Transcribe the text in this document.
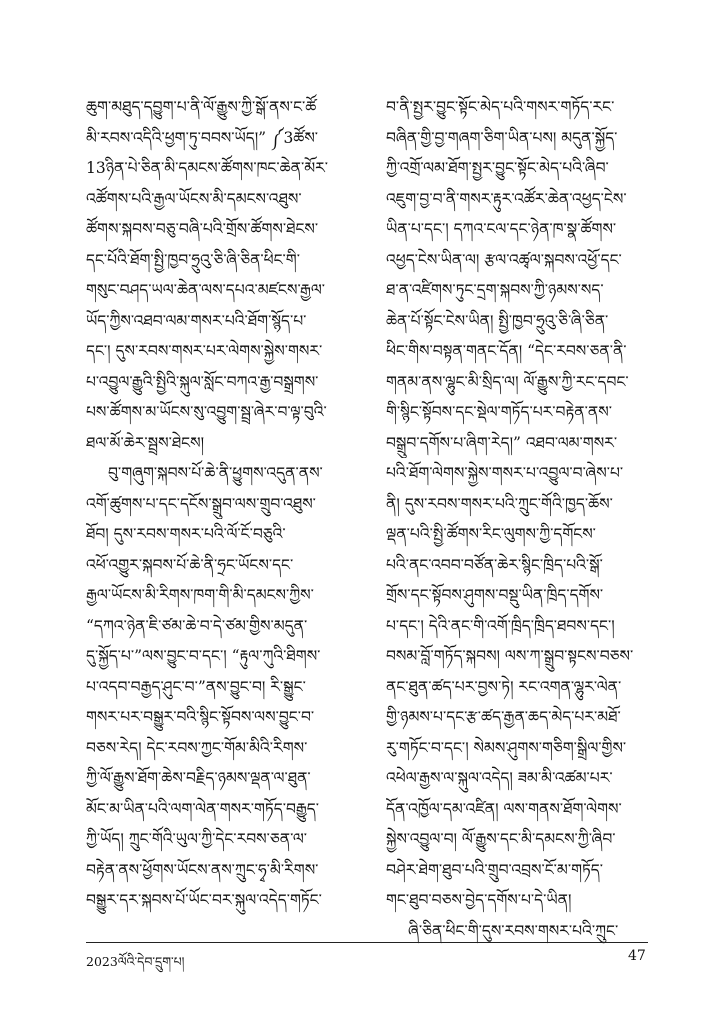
ཆུག་མཐུད་དབྱུག་པ་ནི་ལོ་རྒྱུས་ཀྱི་སྒོ་ནས་ང་ཚོ
མི་རབས་འདིའི་ཕྱག་ཏུ་བབས་ཡོད།” ༼3ཚོས་
13ཉིན་པེ་ཅིན་མི་དམངས་ཚོགས་ཁང་ཆེན་མོར་
འཚོགས་པའི་རྒྱལ་ཡོངས་མི་དམངས་འཐུས་
ཚོགས་སྐབས་བཅུ་བཞི་པའི་གྲོས་ཚོགས་ཐེངས་
དང་པོའི་ཐོག་སྤྱི་ཁྱབ་ཧྲུའུ་ཅི་ཞི་ཅིན་ཕིང་གི་
གསུང་བཤད་ཡལ་ཆེན་ལས་དཔའ་མཛངས་རྒྱལ་
ཡོད་ཀྱིས་འཐབ་ལམ་གསར་པའི་ཐོག་སྙོད་པ་
དང་། དུས་རབས་གསར་པར་ལེགས་སྐྱེས་གསར་
པ་འབྱུལ་རྒྱུའི་སྤྱིའི་སྐུལ་སློང་བཀའ་རྒྱ་བསྒྲགས་
པས་ཚོགས་མ་ཡོངས་སུ་འབྱུག་སྦྲ་ཞེར་བ་ལྟ་བུའི་
ཐལ་མོ་ཆེར་སྦྲས་ཐེངས།
བུ་གཞུག་སྐབས་པོ་ཆེ་ནི་ཕྱུགས་འདུན་ནས་
འགོ་ཚུགས་པ་དང་དངོས་སྒྲུབ་ལས་གྲུབ་འཐུས་
ཐོབ། དུས་རབས་གསར་པའི་ལོ་ངོ་བཅུའི་
འཕོ་འགྱུར་སྐབས་པོ་ཆེ་ནི་ཧྲང་ཡོངས་དང་
རྒྱལ་ཡོངས་མི་རིགས་ཁག་གི་མི་དམངས་ཀྱིས་
“དཀའ་ཉེན་ཇི་ཙམ་ཆེ་བ་དེ་ཙམ་གྱིས་མདུན་
དུ་སྐྱོད་པ་”ལས་བྱུང་བ་དང་། “རྟུལ་ཀུའི་ཐིགས་
པ་འདབ་བརྒྱད་ཤུང་བ་”ནས་བྱུང་བ། རི་སྒྱུང་
གསར་པར་བསྒྱུར་བའི་སྙིང་སྟོབས་ལས་བྱུང་བ་
བཅས་རེད། དེང་རབས་ཀྱང་གོམ་མིའི་རིགས་
ཀྱི་ལོ་རྒྱུས་ཐོག་ཆེས་བརྗིད་ཉམས་ལྡན་ལ་ཐུན་
མོང་མ་ཡིན་པའི་ལག་ལེན་གསར་གཏོད་བརྒྱུད་
ཀྱི་ཡོད། ཀྲུང་གོའི་ཡུལ་ཀྱི་དེང་རབས་ཅན་ལ་
བརྟེན་ནས་ཕྱོགས་ཡོངས་ནས་ཀྲུང་ཧྭ་མི་རིགས་
བསྒྱུར་དར་སྐབས་པོ་ཡོང་བར་སྐུལ་འདེད་གཏོང་
བ་ནི་སྤྱར་བྱུང་སྟོང་མེད་པའི་གསར་གཏོད་རང་
བཞིན་གྱི་བྱ་གཞག་ཅིག་ཡིན་པས། མདུན་སྐྱོད་
ཀྱི་འགྲོ་ལམ་ཐོག་སྤྱར་བྱུང་སྟོང་མེད་པའི་ཞིབ་
འཇུག་བྱ་བ་ནི་གསར་རྟུར་འཚོར་ཆེན་འཕྱད་ངེས་
ཡིན་པ་དང་། དཀའ་ངལ་དང་ཉེན་ཁ་སྣ་ཚོགས་
འཕྱད་ངེས་ཡིན་ལ། རྩལ་འཚྭལ་སྐབས་འཕྱོ་དང་
ཐ་ན་འཛིགས་ཏུང་དྲག་སྐབས་ཀྱི་ཉམས་སད་
ཆེན་པོ་སྟོང་ངེས་ཡིན། སྤྱི་ཁྱབ་ཧྲུའུ་ཅི་ཞི་ཅིན་
ཕིང་གིས་བསྟན་གནང་དོན། “དེང་རབས་ཅན་ནི་
གནམ་ནས་ལྷུང་མི་སྲིད་ལ། ལོ་རྒྱུས་ཀྱི་རང་དབང་
གི་སྙིང་སྟོབས་དང་སྡེལ་གཏོད་པར་བརྟེན་ནས་
བསྒྲུབ་དགོས་པ་ཞིག་རེད།” འཐབ་ལམ་གསར་
པའི་ཐོག་ལེགས་སྐྱེས་གསར་པ་འབྱུལ་བ་ཞེས་པ་
ནི། དུས་རབས་གསར་པའི་ཀྲུང་གོའི་ཁྱད་ཆོས་
ལྡན་པའི་སྤྱི་ཚོགས་རིང་ལུགས་ཀྱི་དགོངས་
པའི་ནང་འབབ་བཙོན་ཆེར་སྙིང་ཁྲིད་པའི་སྒོ་
གྲོས་དང་སྟོབས་ཤུགས་བསྡུ་ཡིན་ཁྲིད་དགོས་
པ་དང་། དེའི་ནང་གི་འགོ་ཁྲིད་ཁྲིད་ཐབས་དང་།
བསམ་བློ་གཏོད་སྐབས། ལས་ཀ་སྒྲུབ་སྟངས་བཅས་
ནང་ཐུན་ཚད་པར་བྱས་ཏེ། རང་འགན་ལྷུར་ལེན་
གྱི་ཉམས་པ་དང་རྩ་ཚད་རྒྱན་ཆད་མེད་པར་མཐོ་
རུ་གཏོང་བ་དང་། སེམས་ཤུགས་གཅིག་སྒྲིལ་གྱིས་
འཕེལ་རྒྱས་ལ་སྐུལ་འདེད། ཟམ་མི་འཚམ་པར་
དོན་འཁྱོལ་དམ་འཛིན། ལས་གནས་ཐོག་ལེགས་
སྐྱེས་འབྱུལ་བ། ལོ་རྒྱུས་དང་མི་དམངས་ཀྱི་ཞིབ་
བཤེར་ཐེག་ཐུབ་པའི་གྲུབ་འབྲས་ངོ་མ་གཏོད་
གང་ཐུབ་བཅས་བྱེད་དགོས་པ་དེ་ཡིན།
ཞི་ཅིན་ཕིང་གི་དུས་རབས་གསར་པའི་ཀྲུང་
2023ལོའི་དེབ་དྲུག་པ།	47
